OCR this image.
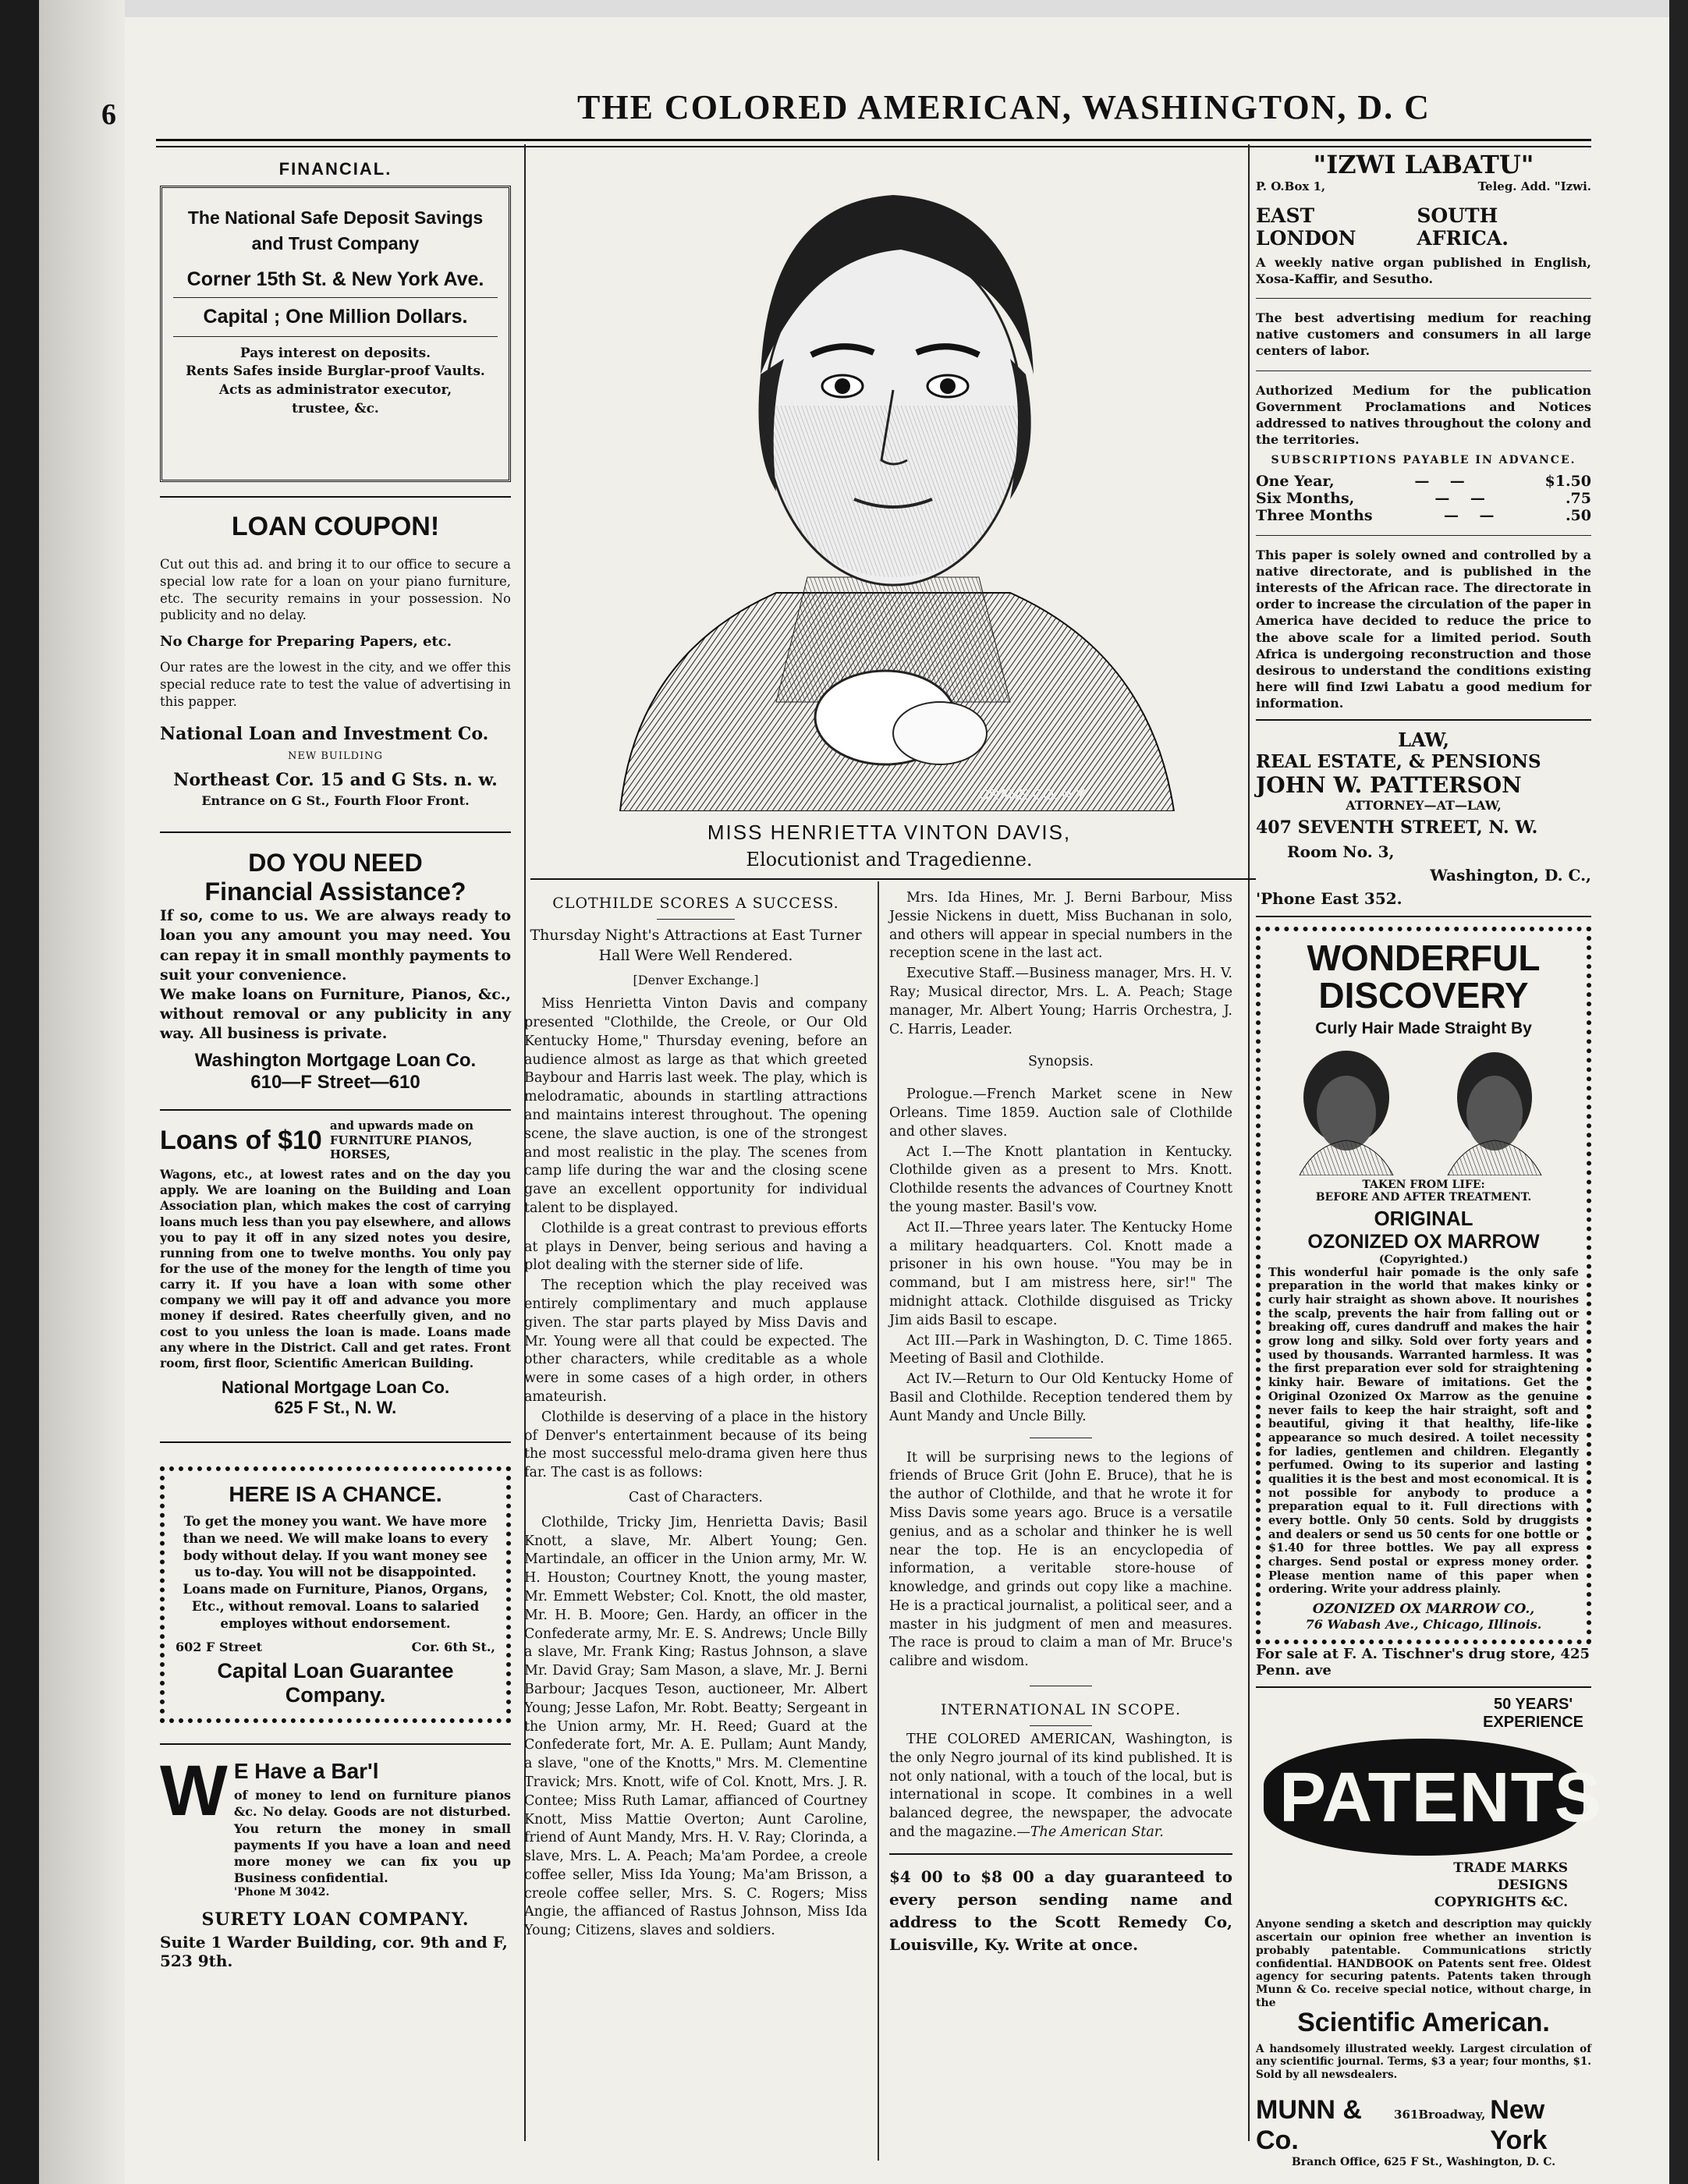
6	THE COLORED AMERICAN, WASHINGTON, D. C
FINANCIAL.
The National Safe Deposit Savings and Trust Company
Corner 15th St. & New York Ave.
Capital ; One Million Dollars.
Pays interest on deposits.
Rents Safes inside Burglar-proof Vaults.
Acts as administrator executor,
trustee, &c.
LOAN COUPON!

Cut out this ad. and bring it to our office to secure a special low rate for a loan on your piano furniture, etc. The security remains in your possession. No publicity and no delay.

No Charge for Preparing Papers, etc.

Our rates are the lowest in the city, and we offer this special reduce rate to test the value of advertising in this papper.

National Loan and Investment Co.
NEW BUILDING
Northeast Cor. 15 and G Sts. n. w.
Entrance on G St., Fourth Floor Front.
DO YOU NEED
Financial Assistance?

If so, come to us. We are always ready to loan you any amount you may need. You can repay it in small monthly payments to suit your convenience.

We make loans on Furniture, Pianos, &c., without removal or any publicity in any way. All business is private.

Washington Mortgage Loan Co.
610—F Street—610
Loans of $10 and upwards made on FURNITURE PIANOS, HORSES,

Wagons, etc., at lowest rates and on the day you apply. We are loaning on the Building and Loan Association plan, which makes the cost of carrying loans much less than you pay elsewhere, and allows you to pay it off in any sized notes you desire, running from one to twelve months. You only pay for the use of the money for the length of time you carry it. If you have a loan with some other company we will pay it off and advance you more money if desired. Rates cheerfully given, and no cost to you unless the loan is made. Loans made any where in the District. Call and get rates. Front room, first floor, Scientific American Building.

National Mortgage Loan Co.
625 F St., N. W.
HERE IS A CHANCE.

To get the money you want. We have more than we need. We will make loans to every body without delay. If you want money see us to-day. You will not be disappointed. Loans made on Furniture, Pianos, Organs, Etc., without removal. Loans to salaried employes without endorsement.

602 F Street	Cor. 6th St.,
Capital Loan Guarantee Company.
W E Have a Bar'l

of money to lend on furniture pianos &c. No delay. Goods are not disturbed. You return the money in small payments If you have a loan and need more money we can fix you up Business confidential.

'Phone M 3042.
SURETY LOAN COMPANY.
Suite 1 Warder Building, cor. 9th and F, 523 9th.
CRANE-CO. N.Y.
MISS HENRIETTA VINTON DAVIS,
Elocutionist and Tragedienne.
CLOTHILDE SCORES A SUCCESS.
Thursday Night's Attractions at East Turner Hall Were Well Rendered.
[Denver Exchange.]

Miss Henrietta Vinton Davis and company presented "Clothilde, the Creole, or Our Old Kentucky Home," Thursday evening, before an audience almost as large as that which greeted Baybour and Harris last week. The play, which is melodramatic, abounds in startling attractions and maintains interest throughout. The opening scene, the slave auction, is one of the strongest and most realistic in the play. The scenes from camp life during the war and the closing scene gave an excellent opportunity for individual talent to be displayed.

Clothilde is a great contrast to previous efforts at plays in Denver, being serious and having a plot dealing with the sterner side of life.

The reception which the play received was entirely complimentary and much applause given. The star parts played by Miss Davis and Mr. Young were all that could be expected. The other characters, while creditable as a whole were in some cases of a high order, in others amateurish.

Clothilde is deserving of a place in the history of Denver's entertainment because of its being the most successful melo-drama given here thus far. The cast is as follows:

Cast of Characters.

Clothilde, Tricky Jim, Henrietta Davis; Basil Knott, a slave, Mr. Albert Young; Gen. Martindale, an officer in the Union army, Mr. W. H. Houston; Courtney Knott, the young master, Mr. Emmett Webster; Col. Knott, the old master, Mr. H. B. Moore; Gen. Hardy, an officer in the Confederate army, Mr. E. S. Andrews; Uncle Billy a slave, Mr. Frank King; Rastus Johnson, a slave Mr. David Gray; Sam Mason, a slave, Mr. J. Berni Barbour; Jacques Teson, auctioneer, Mr. Albert Young; Jesse Lafon, Mr. Robt. Beatty; Sergeant in the Union army, Mr. H. Reed; Guard at the Confederate fort, Mr. A. E. Pullam; Aunt Mandy, a slave, "one of the Knotts," Mrs. M. Clementine Travick; Mrs. Knott, wife of Col. Knott, Mrs. J. R. Contee; Miss Ruth Lamar, affianced of Courtney Knott, Miss Mattie Overton; Aunt Caroline, friend of Aunt Mandy, Mrs. H. V. Ray; Clorinda, a slave, Mrs. L. A. Peach; Ma'am Pordee, a creole coffee seller, Miss Ida Young; Ma'am Brisson, a creole coffee seller, Mrs. S. C. Rogers; Miss Angie, the affianced of Rastus Johnson, Miss Ida Young; Citizens, slaves and soldiers.

Mrs. Ida Hines, Mr. J. Berni Barbour, Miss Jessie Nickens in duett, Miss Buchanan in solo, and others will appear in special numbers in the reception scene in the last act.

Executive Staff.—Business manager, Mrs. H. V. Ray; Musical director, Mrs. L. A. Peach; Stage manager, Mr. Albert Young; Harris Orchestra, J. C. Harris, Leader.

Synopsis.

Prologue.—French Market scene in New Orleans. Time 1859. Auction sale of Clothilde and other slaves.

Act I.—The Knott plantation in Kentucky. Clothilde given as a present to Mrs. Knott. Clothilde resents the advances of Courtney Knott the young master. Basil's vow.

Act II.—Three years later. The Kentucky Home a military headquarters. Col. Knott made a prisoner in his own house. "You may be in command, but I am mistress here, sir!" The midnight attack. Clothilde disguised as Tricky Jim aids Basil to escape.

Act III.—Park in Washington, D. C. Time 1865. Meeting of Basil and Clothilde.

Act IV.—Return to Our Old Kentucky Home of Basil and Clothilde. Reception tendered them by Aunt Mandy and Uncle Billy.

It will be surprising news to the legions of friends of Bruce Grit (John E. Bruce), that he is the author of Clothilde, and that he wrote it for Miss Davis some years ago. Bruce is a versatile genius, and as a scholar and thinker he is well near the top. He is an encyclopedia of information, a veritable store-house of knowledge, and grinds out copy like a machine. He is a practical journalist, a political seer, and a master in his judgment of men and measures. The race is proud to claim a man of Mr. Bruce's calibre and wisdom.

INTERNATIONAL IN SCOPE.

THE COLORED AMERICAN, Washington, is the only Negro journal of its kind published. It is not only national, with a touch of the local, but is international in scope. It combines in a well balanced degree, the newspaper, the advocate and the magazine.—The American Star.

$4 00 to $8 00 a day guaranteed to every person sending name and address to the Scott Remedy Co, Louisville, Ky. Write at once.

"IZWI LABATU"
P. O.Box 1,	Teleg. Add. "Izwi.
EAST LONDON
SOUTH AFRICA.

A weekly native organ published in English, Xosa-Kaffir, and Sesutho.

The best advertising medium for reaching native customers and consumers in all large centers of labor.

Authorized Medium for the publication Government Proclamations and Notices addressed to natives throughout the colony and the territories.

SUBSCRIPTIONS PAYABLE IN ADVANCE.
One Year,	—    —	$1.50
Six Months,	—    —	.75
Three Months	—    —	.50

This paper is solely owned and controlled by a native directorate, and is published in the interests of the African race. The directorate in order to increase the circulation of the paper in America have decided to reduce the price to the above scale for a limited period. South Africa is undergoing reconstruction and those desirous to understand the conditions existing here will find Izwi Labatu a good medium for information.

LAW,
REAL ESTATE, & PENSIONS
JOHN W. PATTERSON
ATTORNEY—AT—LAW,
407 SEVENTH STREET, N. W.
Room No. 3,
Washington, D. C.,
'Phone East 352.
WONDERFUL
DISCOVERY
Curly Hair Made Straight By
TAKEN FROM LIFE:
BEFORE AND AFTER TREATMENT.
ORIGINAL
OZONIZED OX MARROW
(Copyrighted.)

This wonderful hair pomade is the only safe preparation in the world that makes kinky or curly hair straight as shown above. It nourishes the scalp, prevents the hair from falling out or breaking off, cures dandruff and makes the hair grow long and silky. Sold over forty years and used by thousands. Warranted harmless. It was the first preparation ever sold for straightening kinky hair. Beware of imitations. Get the Original Ozonized Ox Marrow as the genuine never fails to keep the hair straight, soft and beautiful, giving it that healthy, life-like appearance so much desired. A toilet necessity for ladies, gentlemen and children. Elegantly perfumed. Owing to its superior and lasting qualities it is the best and most economical. It is not possible for anybody to produce a preparation equal to it. Full directions with every bottle. Only 50 cents. Sold by druggists and dealers or send us 50 cents for one bottle or $1.40 for three bottles. We pay all express charges. Send postal or express money order. Please mention name of this paper when ordering. Write your address plainly.

OZONIZED OX MARROW CO.,
76 Wabash Ave., Chicago, Illinois.
For sale at F. A. Tischner's drug store, 425 Penn. ave
50 YEARS'
EXPERIENCE
PATENTS
TRADE MARKS
DESIGNS
COPYRIGHTS &C.

Anyone sending a sketch and description may quickly ascertain our opinion free whether an invention is probably patentable. Communications strictly confidential. HANDBOOK on Patents sent free. Oldest agency for securing patents. Patents taken through Munn & Co. receive special notice, without charge, in the

Scientific American.

A handsomely illustrated weekly. Largest circulation of any scientific journal. Terms, $3 a year; four months, $1. Sold by all newsdealers.

MUNN & Co.
361Broadway, New York
Branch Office, 625 F St., Washington, D. C.
